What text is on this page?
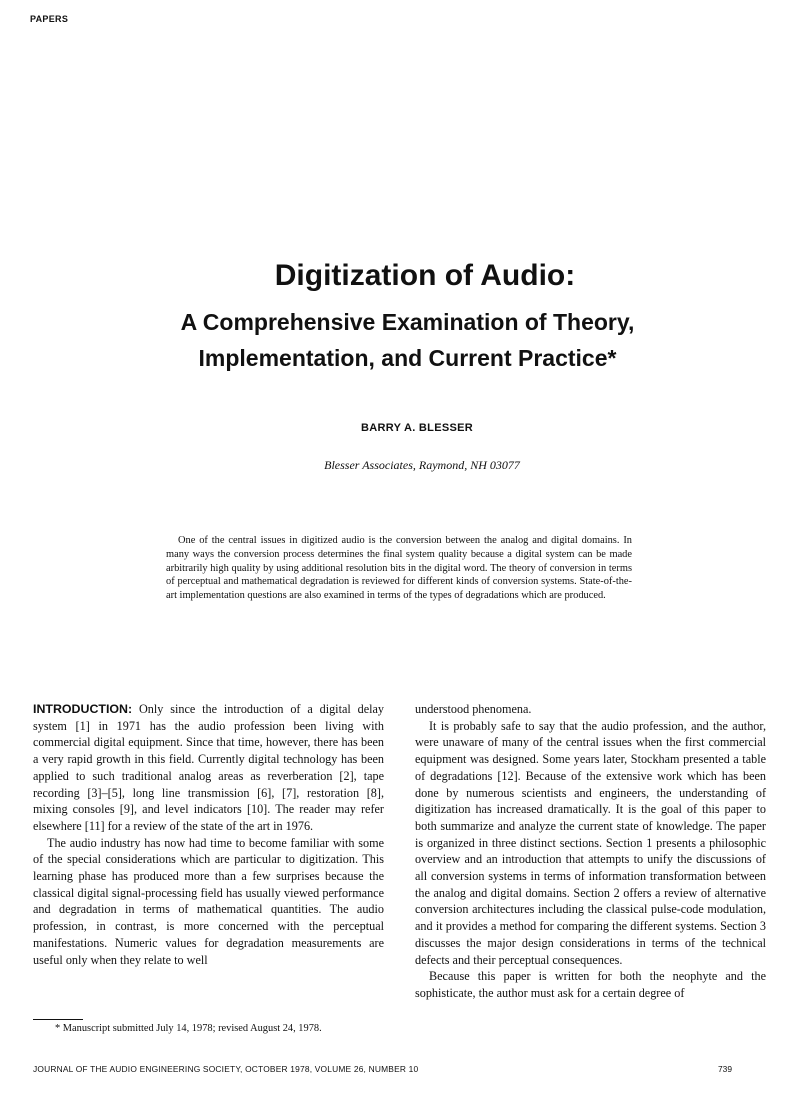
PAPERS
Digitization of Audio:
A Comprehensive Examination of Theory,
Implementation, and Current Practice*
BARRY A. BLESSER
Blesser Associates, Raymond, NH 03077
One of the central issues in digitized audio is the conversion between the analog and digital domains. In many ways the conversion process determines the final system quality because a digital system can be made arbitrarily high quality by using additional resolution bits in the digital word. The theory of conversion in terms of perceptual and mathematical degradation is reviewed for different kinds of conversion systems. State-of-the-art implementation questions are also examined in terms of the types of degradations which are produced.

INTRODUCTION: Only since the introduction of a digital delay system [1] in 1971 has the audio profession been living with commercial digital equipment. Since that time, however, there has been a very rapid growth in this field. Currently digital technology has been applied to such traditional analog areas as reverberation [2], tape recording [3]–[5], long line transmission [6], [7], restoration [8], mixing consoles [9], and level indicators [10]. The reader may refer elsewhere [11] for a review of the state of the art in 1976.

The audio industry has now had time to become familiar with some of the special considerations which are particular to digitization. This learning phase has produced more than a few surprises because the classical digital signal-processing field has usually viewed performance and degradation in terms of mathematical quantities. The audio profession, in contrast, is more concerned with the perceptual manifestations. Numeric values for degradation measurements are useful only when they relate to well

understood phenomena.

It is probably safe to say that the audio profession, and the author, were unaware of many of the central issues when the first commercial equipment was designed. Some years later, Stockham presented a table of degradations [12]. Because of the extensive work which has been done by numerous scientists and engineers, the understanding of digitization has increased dramatically. It is the goal of this paper to both summarize and analyze the current state of knowledge. The paper is organized in three distinct sections. Section 1 presents a philosophic overview and an introduction that attempts to unify the discussions of all conversion systems in terms of information transformation between the analog and digital domains. Section 2 offers a review of alternative conversion architectures including the classical pulse-code modulation, and it provides a method for comparing the different systems. Section 3 discusses the major design considerations in terms of the technical defects and their perceptual consequences.

Because this paper is written for both the neophyte and the sophisticate, the author must ask for a certain degree of

* Manuscript submitted July 14, 1978; revised August 24, 1978.
JOURNAL OF THE AUDIO ENGINEERING SOCIETY, OCTOBER 1978, VOLUME 26, NUMBER 10	739
